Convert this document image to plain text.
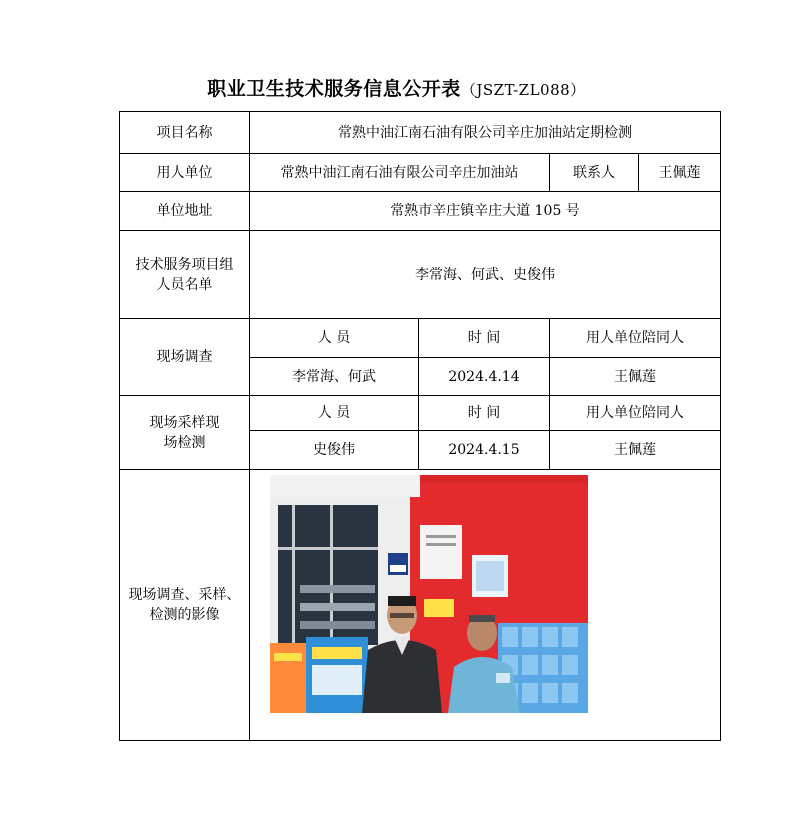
职业卫生技术服务信息公开表（JSZT-ZL088）
项目名称	常熟中油江南石油有限公司辛庄加油站定期检测			
用人单位	常熟中油江南石油有限公司辛庄加油站		联系人	王佩莲
单位地址	常熟市辛庄镇辛庄大道 105 号			
技术服务项目组人员名单	李常海、何武、史俊伟			
现场调查	人 员	时 间	用人单位陪同人	
	李常海、何武	2024.4.14	王佩莲	
现场采样现场检测	人 员	时 间	用人单位陪同人	
	史俊伟	2024.4.15	王佩莲	
现场调查、采样、检测的影像				
